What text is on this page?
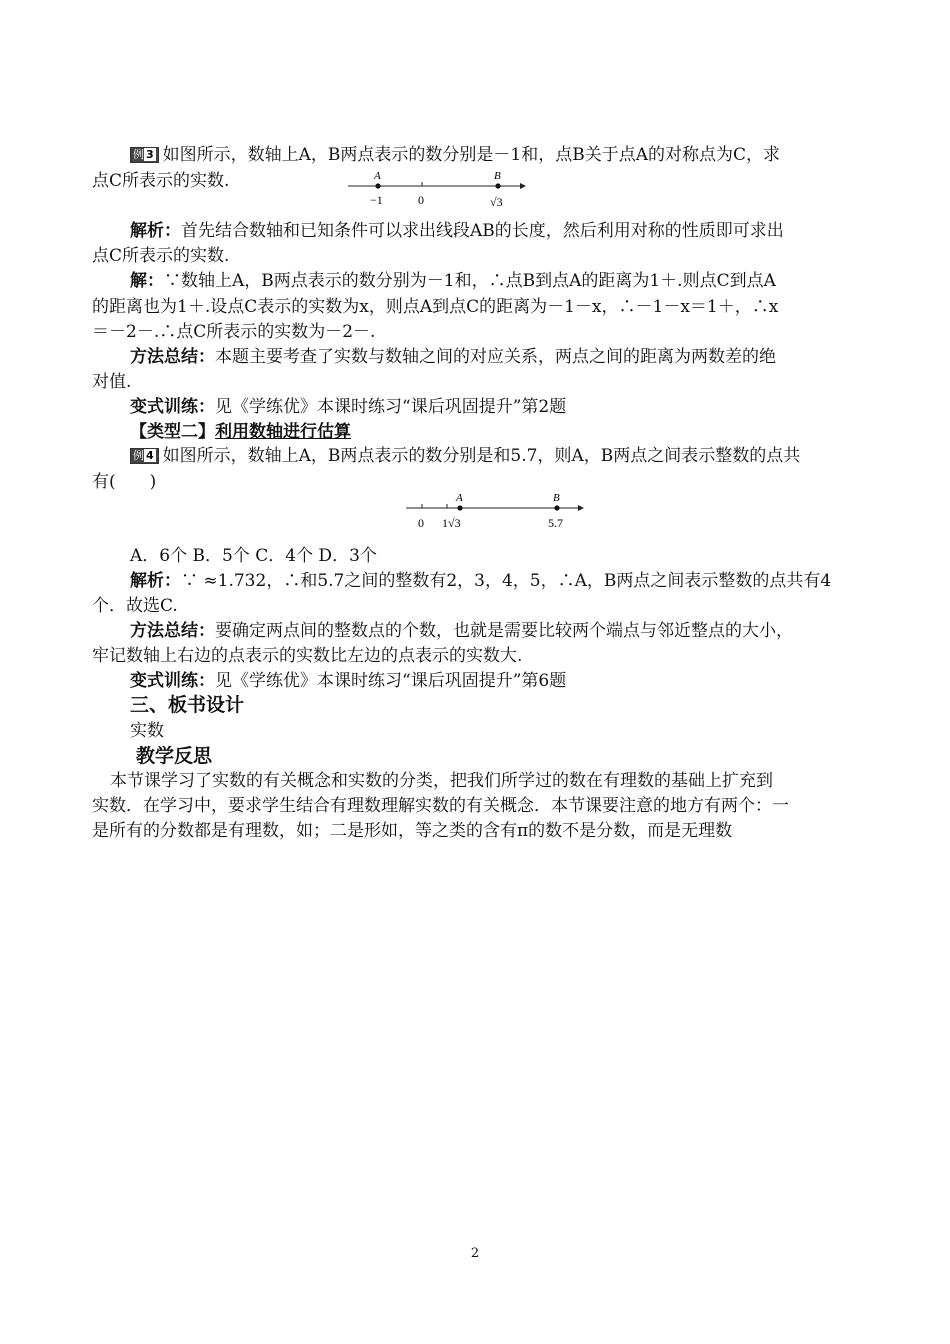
例 3 如图所示，数轴上A，B两点表示的数分别是－1和，点B关于点A的对称点为C，求
点C所表示的实数.	A	B
−1	0	√3
解析：首先结合数轴和已知条件可以求出线段AB的长度，然后利用对称的性质即可求出
点C所表示的实数.
解：∵数轴上A，B两点表示的数分别为－1和，∴点B到点A的距离为1＋.则点C到点A
的距离也为1＋.设点C表示的实数为x，则点A到点C的距离为－1－x，∴－1－x＝1＋，∴x
＝－2－.∴点C所表示的实数为－2－.
方法总结：本题主要考查了实数与数轴之间的对应关系，两点之间的距离为两数差的绝
对值.
变式训练：见《学练优》本课时练习“课后巩固提升”第2题
【类型二】利用数轴进行估算
例 4 如图所示，数轴上A，B两点表示的数分别是和5.7，则A，B两点之间表示整数的点共
有(　　)
A	B
0 1√3	5.7
A．6个 B．5个 C．4个 D．3个
解析：∵ ≈1.732，∴和5.7之间的整数有2，3，4，5，∴A，B两点之间表示整数的点共有4
个．故选C.
方法总结：要确定两点间的整数点的个数，也就是需要比较两个端点与邻近整点的大小，
牢记数轴上右边的点表示的实数比左边的点表示的实数大.
变式训练：见《学练优》本课时练习“课后巩固提升”第6题
三、板书设计
实数
教学反思
本节课学习了实数的有关概念和实数的分类，把我们所学过的数在有理数的基础上扩充到
实数．在学习中，要求学生结合有理数理解实数的有关概念．本节课要注意的地方有两个：一
是所有的分数都是有理数，如；二是形如，等之类的含有π的数不是分数，而是无理数
2
